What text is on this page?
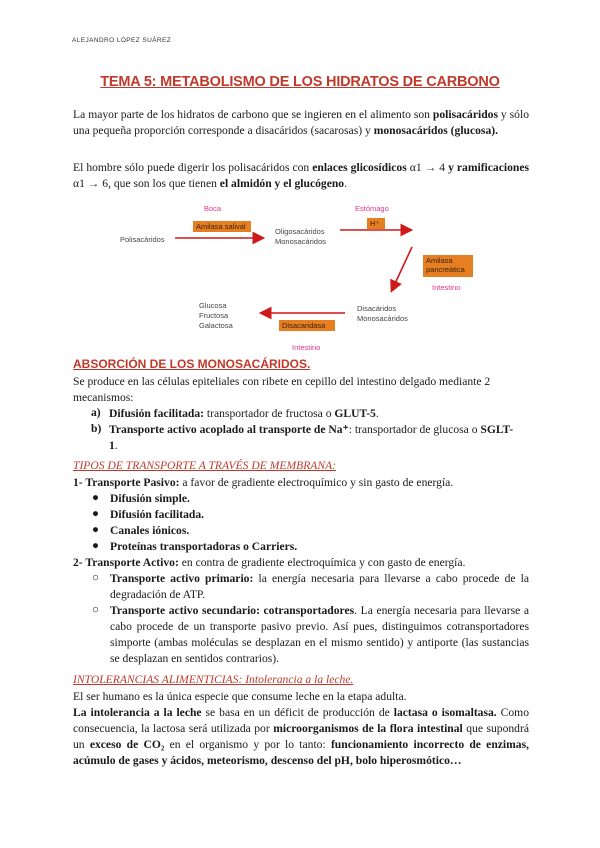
ALEJANDRO LÓPEZ SUÁREZ
TEMA 5: METABOLISMO DE LOS HIDRATOS DE CARBONO
La mayor parte de los hidratos de carbono que se ingieren en el alimento son polisacáridos y sólo una pequeña proporción corresponde a disacáridos (sacarosas) y monosacáridos (glucosa).
El hombre sólo puede digerir los polisacáridos con enlaces glicosídicos α1 → 4 y ramificaciones α1 → 6, que son los que tienen el almidón y el glucógeno.
Boca
Amilasa salival
Polisacáridos
Oligosacáridos
Monosacáridos
Estómago
H⁺
Amilasa
pancreática
Intestino
Disacáridos
Monosacáridos
Disacaridasa
Intestino
Glucosa
Fructosa
Galactosa
ABSORCIÓN DE LOS MONOSACÁRIDOS.
Se produce en las células epiteliales con ribete en cepillo del intestino delgado mediante 2 mecanismos:
a) Difusión facilitada: transportador de fructosa o GLUT-5.
b) Transporte activo acoplado al transporte de Na⁺: transportador de glucosa o SGLT-1.
TIPOS DE TRANSPORTE A TRAVÉS DE MEMBRANA:
1- Transporte Pasivo: a favor de gradiente electroquímico y sin gasto de energía.
● Difusión simple.
● Difusión facilitada.
● Canales iónicos.
● Proteínas transportadoras o Carriers.
2- Transporte Activo: en contra de gradiente electroquímica y con gasto de energía.
○ Transporte activo primario: la energía necesaria para llevarse a cabo procede de la degradación de ATP.
○ Transporte activo secundario: cotransportadores. La energía necesaria para llevarse a cabo procede de un transporte pasivo previo. Así pues, distinguimos cotransportadores simporte (ambas moléculas se desplazan en el mismo sentido) y antiporte (las sustancias se desplazan en sentidos contrarios).
INTOLERANCIAS ALIMENTICIAS: Intolerancia a la leche.
El ser humano es la única especie que consume leche en la etapa adulta.
La intolerancia a la leche se basa en un déficit de producción de lactasa o isomaltasa. Como consecuencia, la lactosa será utilizada por microorganismos de la flora intestinal que supondrá un exceso de CO₂ en el organismo y por lo tanto: funcionamiento incorrecto de enzimas, acúmulo de gases y ácidos, meteorismo, descenso del pH, bolo hiperosmótico…
